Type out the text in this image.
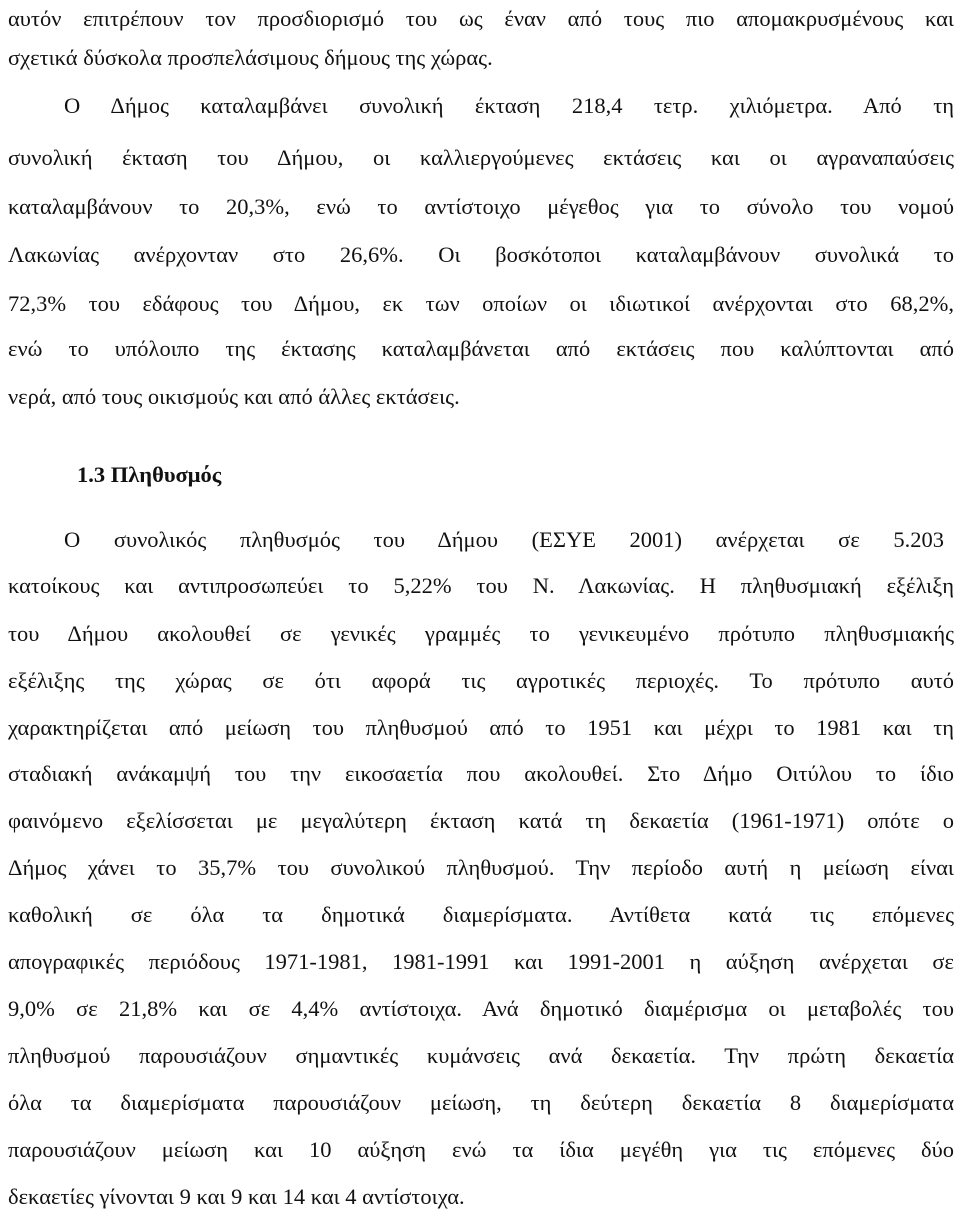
αυτόν επιτρέπουν τον προσδιορισμό του ως έναν από τους πιο απομακρυσμένους και
σχετικά δύσκολα προσπελάσιμους δήμους της χώρας.
Ο Δήμος καταλαμβάνει συνολική έκταση 218,4 τετρ. χιλιόμετρα. Από τη
συνολική έκταση του Δήμου, οι καλλιεργούμενες εκτάσεις και οι αγραναπαύσεις
καταλαμβάνουν το 20,3%, ενώ το αντίστοιχο μέγεθος για το σύνολο του νομού
Λακωνίας ανέρχονταν στο 26,6%. Οι βοσκότοποι καταλαμβάνουν συνολικά το
72,3% του εδάφους του Δήμου, εκ των οποίων οι ιδιωτικοί ανέρχονται στο 68,2%,
ενώ το υπόλοιπο της έκτασης καταλαμβάνεται από εκτάσεις που καλύπτονται από
νερά, από τους οικισμούς και από άλλες εκτάσεις.
1.3 Πληθυσμός
Ο συνολικός πληθυσμός του Δήμου (ΕΣΥΕ 2001) ανέρχεται σε 5.203
κατοίκους και αντιπροσωπεύει το 5,22% του Ν. Λακωνίας. Η πληθυσμιακή εξέλιξη
του Δήμου ακολουθεί σε γενικές γραμμές το γενικευμένο πρότυπο πληθυσμιακής
εξέλιξης της χώρας σε ότι αφορά τις αγροτικές περιοχές. Το πρότυπο αυτό
χαρακτηρίζεται από μείωση του πληθυσμού από το 1951 και μέχρι το 1981 και τη
σταδιακή ανάκαμψή του την εικοσαετία που ακολουθεί. Στο Δήμο Οιτύλου το ίδιο
φαινόμενο εξελίσσεται με μεγαλύτερη έκταση κατά τη δεκαετία (1961-1971) οπότε ο
Δήμος χάνει το 35,7% του συνολικού πληθυσμού. Την περίοδο αυτή η μείωση είναι
καθολική σε όλα τα δημοτικά διαμερίσματα. Αντίθετα κατά τις επόμενες
απογραφικές περιόδους 1971-1981, 1981-1991 και 1991-2001 η αύξηση ανέρχεται σε
9,0% σε 21,8% και σε 4,4% αντίστοιχα. Ανά δημοτικό διαμέρισμα οι μεταβολές του
πληθυσμού παρουσιάζουν σημαντικές κυμάνσεις ανά δεκαετία. Την πρώτη δεκαετία
όλα τα διαμερίσματα παρουσιάζουν μείωση, τη δεύτερη δεκαετία 8 διαμερίσματα
παρουσιάζουν μείωση και 10 αύξηση ενώ τα ίδια μεγέθη για τις επόμενες δύο
δεκαετίες γίνονται 9 και 9 και 14 και 4 αντίστοιχα.
